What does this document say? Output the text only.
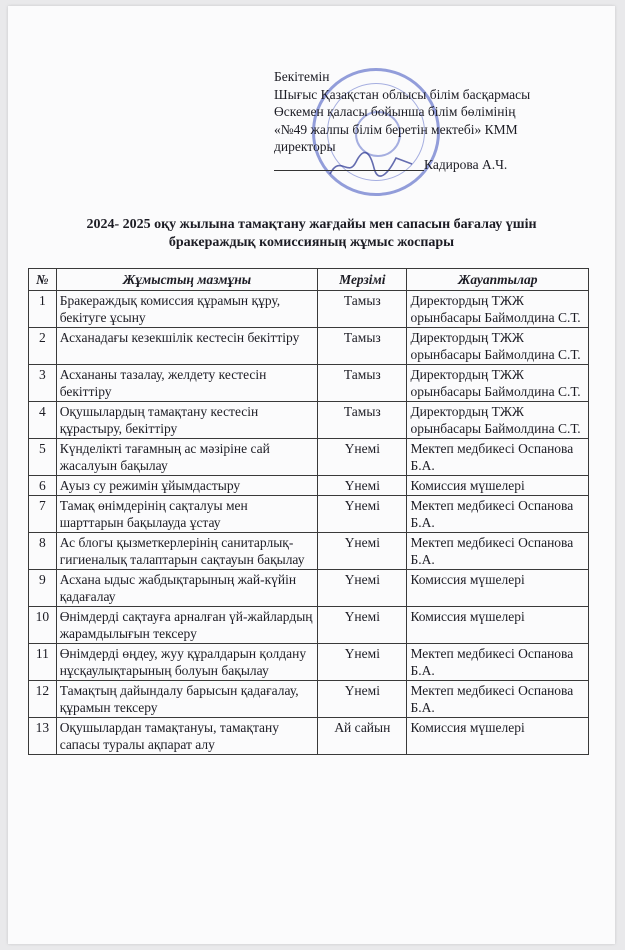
Бекітемін
Шығыс Қазақстан облысы білім басқармасы
Өскемен қаласы бойынша білім бөлімінің
«№49 жалпы білім беретін мектебі» КММ
директоры
Кадирова А.Ч.
2024- 2025 оқу жылына тамақтану жағдайы мен сапасын бағалау үшін
бракераждық комиссияның жұмыс жоспары
№	Жұмыстың мазмұны	Мерзімі	Жауаптылар
1	Бракераждық комиссия құрамын құру, бекітуге ұсыну	Тамыз	Директордың ТЖЖ орынбасары Баймолдина С.Т.
2	Асханадағы кезекшілік кестесін бекіттіру	Тамыз	Директордың ТЖЖ орынбасары Баймолдина С.Т.
3	Асхананы тазалау, желдету кестесін бекіттіру	Тамыз	Директордың ТЖЖ орынбасары Баймолдина С.Т.
4	Оқушылардың тамақтану кестесін құрастыру, бекіттіру	Тамыз	Директордың ТЖЖ орынбасары Баймолдина С.Т.
5	Күнделікті тағамның ас мәзіріне сай жасалуын бақылау	Үнемі	Мектеп медбикесі Оспанова Б.А.
6	Ауыз су режимін ұйымдастыру	Үнемі	Комиссия мүшелері
7	Тамақ өнімдерінің сақталуы мен шарттарын бақылауда ұстау	Үнемі	Мектеп медбикесі Оспанова Б.А.
8	Ас блогы қызметкерлерінің санитарлық-гигиеналық талаптарын сақтауын бақылау	Үнемі	Мектеп медбикесі Оспанова Б.А.
9	Асхана ыдыс жабдықтарының жай-күйін қадағалау	Үнемі	Комиссия мүшелері
10	Өнімдерді сақтауға арналған үй-жайлардың жарамдылығын тексеру	Үнемі	Комиссия мүшелері
11	Өнімдерді өңдеу, жуу құралдарын қолдану нұсқаулықтарының болуын бақылау	Үнемі	Мектеп медбикесі Оспанова Б.А.
12	Тамақтың дайындалу барысын қадағалау, құрамын тексеру	Үнемі	Мектеп медбикесі Оспанова Б.А.
13	Оқушылардан тамақтануы, тамақтану сапасы туралы ақпарат алу	Ай сайын	Комиссия мүшелері
